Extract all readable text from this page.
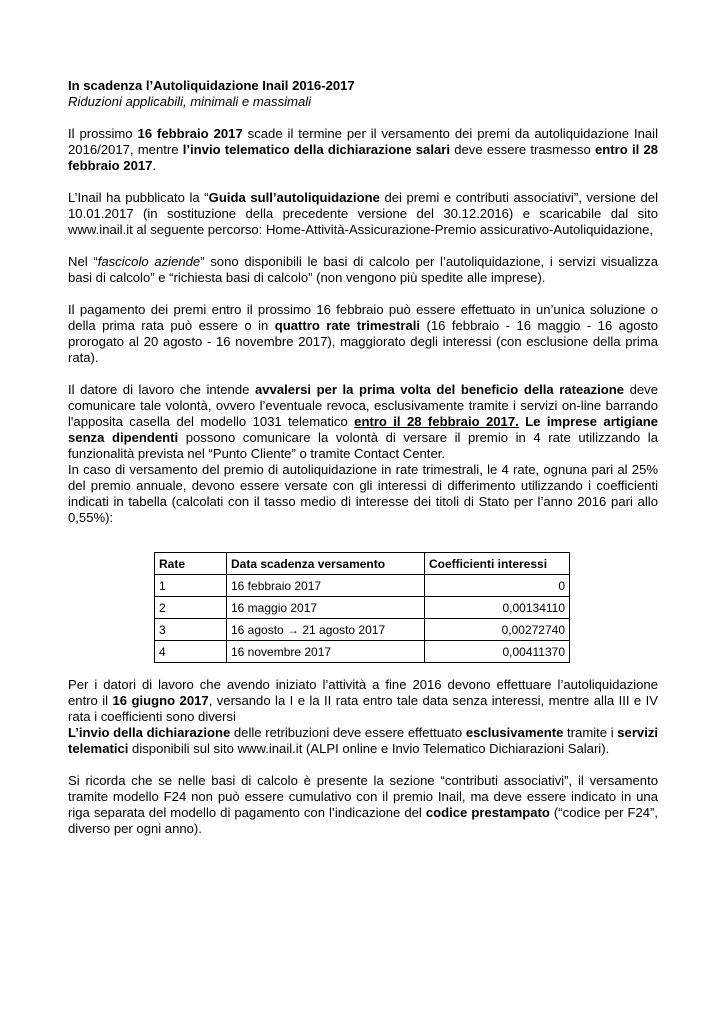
In scadenza l’Autoliquidazione Inail 2016-2017

Riduzioni applicabili, minimali e massimali

Il prossimo 16 febbraio 2017 scade il termine per il versamento dei premi da autoliquidazione Inail 2016/2017, mentre l’invio telematico della dichiarazione salari deve essere trasmesso entro il 28 febbraio 2017.

L’Inail ha pubblicato la “Guida sull’autoliquidazione dei premi e contributi associativi”, versione del 10.01.2017 (in sostituzione della precedente versione del 30.12.2016) e scaricabile dal sito www.inail.it al seguente percorso: Home-Attività-Assicurazione-Premio assicurativo-Autoliquidazione,

Nel “fascicolo aziende” sono disponibili le basi di calcolo per l’autoliquidazione, i servizi visualizza basi di calcolo” e “richiesta basi di calcolo” (non vengono più spedite alle imprese).

Il pagamento dei premi entro il prossimo 16 febbraio può essere effettuato in un’unica soluzione o della prima rata può essere o in quattro rate trimestrali (16 febbraio - 16 maggio - 16 agosto prorogato al 20 agosto - 16 novembre 2017), maggiorato degli interessi (con esclusione della prima rata).

Il datore di lavoro che intende avvalersi per la prima volta del beneficio della rateazione deve comunicare tale volontà, ovvero l’eventuale revoca, esclusivamente tramite i servizi on-line barrando l'apposita casella del modello 1031 telematico entro il 28 febbraio 2017. Le imprese artigiane senza dipendenti possono comunicare la volontà di versare il premio in 4 rate utilizzando la funzionalità prevista nel “Punto Cliente” o tramite Contact Center.

In caso di versamento del premio di autoliquidazione in rate trimestrali, le 4 rate, ognuna pari al 25% del premio annuale, devono essere versate con gli interessi di differimento utilizzando i coefficienti indicati in tabella (calcolati con il tasso medio di interesse dei titoli di Stato per l’anno 2016 pari allo 0,55%):

Rate	Data scadenza versamento	Coefficienti interessi
1	16 febbraio 2017	0
2	16 maggio 2017	0,00134110
3	16 agosto → 21 agosto 2017	0,00272740
4	16 novembre 2017	0,00411370

Per i datori di lavoro che avendo iniziato l’attività a fine 2016 devono effettuare l’autoliquidazione entro il 16 giugno 2017, versando la I e la II rata entro tale data senza interessi, mentre alla III e IV rata i coefficienti sono diversi

L’invio della dichiarazione delle retribuzioni deve essere effettuato esclusivamente tramite i servizi telematici disponibili sul sito www.inail.it (ALPI online e Invio Telematico Dichiarazioni Salari).

Si ricorda che se nelle basi di calcolo è presente la sezione “contributi associativi”, il versamento tramite modello F24 non può essere cumulativo con il premio Inail, ma deve essere indicato in una riga separata del modello di pagamento con l’indicazione del codice prestampato (“codice per F24”, diverso per ogni anno).
